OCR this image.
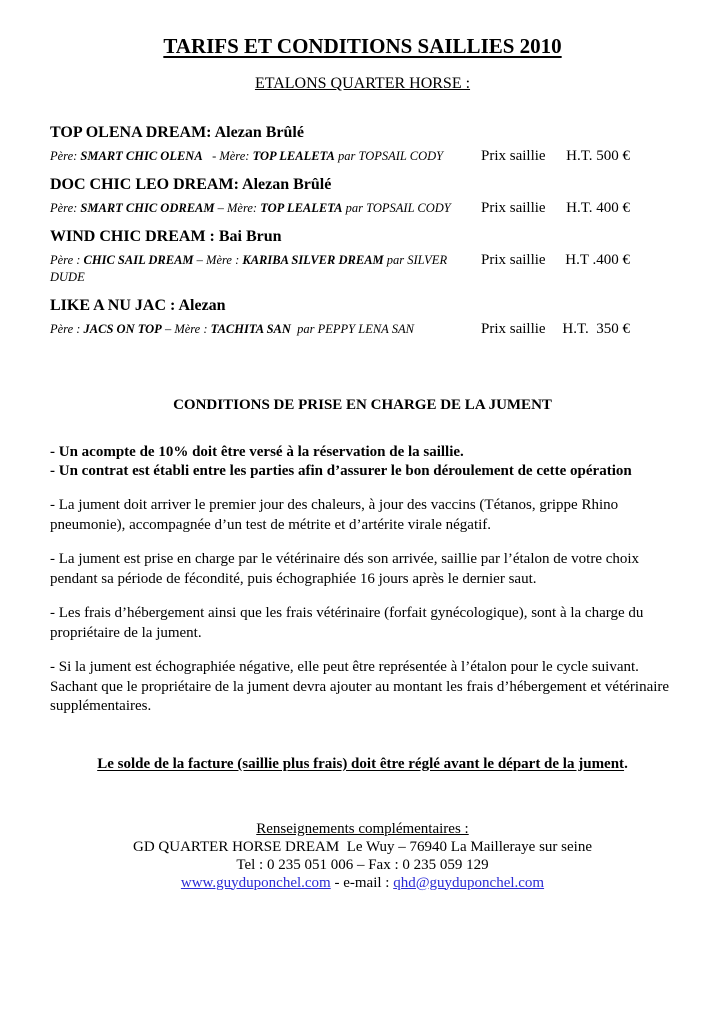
TARIFS ET CONDITIONS SAILLIES 2010
ETALONS QUARTER HORSE :
TOP OLENA DREAM: Alezan Brûlé
Père: SMART CHIC OLENA   - Mère: TOP LEALETA par TOPSAIL CODY	Prix saillie H.T. 500 €
DOC CHIC LEO DREAM: Alezan Brûlé
Père: SMART CHIC ODREAM – Mère: TOP LEALETA par TOPSAIL CODY	Prix saillie H.T. 400 €
WIND CHIC DREAM : Bai Brun
Père : CHIC SAIL DREAM – Mère : KARIBA SILVER DREAM par SILVER DUDE
Prix saillie H.T .400 €
LIKE A NU JAC : Alezan
Père : JACS ON TOP – Mère : TACHITA SAN  par PEPPY LENA SAN	Prix saillie H.T.  350 €
CONDITIONS DE PRISE EN CHARGE DE LA JUMENT
- Un acompte de 10% doit être versé à la réservation de la saillie.
- Un contrat est établi entre les parties afin d’assurer le bon déroulement de cette opération
- La jument doit arriver le premier jour des chaleurs, à jour des vaccins (Tétanos, grippe Rhino pneumonie), accompagnée d’un test de métrite et d’artérite virale négatif.
- La jument est prise en charge par le vétérinaire dés son arrivée, saillie par l’étalon de votre choix pendant sa période de fécondité, puis échographiée 16 jours après le dernier saut.
- Les frais d’hébergement ainsi que les frais vétérinaire (forfait gynécologique), sont à la charge du propriétaire de la jument.
- Si la jument est échographiée négative, elle peut être représentée à l’étalon pour le cycle suivant. Sachant que le propriétaire de la jument devra ajouter au montant les frais d’hébergement et vétérinaire supplémentaires.
Le solde de la facture (saillie plus frais) doit être réglé avant le départ de la jument.
Renseignements complémentaires :
GD QUARTER HORSE DREAM  Le Wuy – 76940 La Mailleraye sur seine
Tel : 0 235 051 006 – Fax : 0 235 059 129
www.guyduponchel.com - e-mail : qhd@guyduponchel.com
